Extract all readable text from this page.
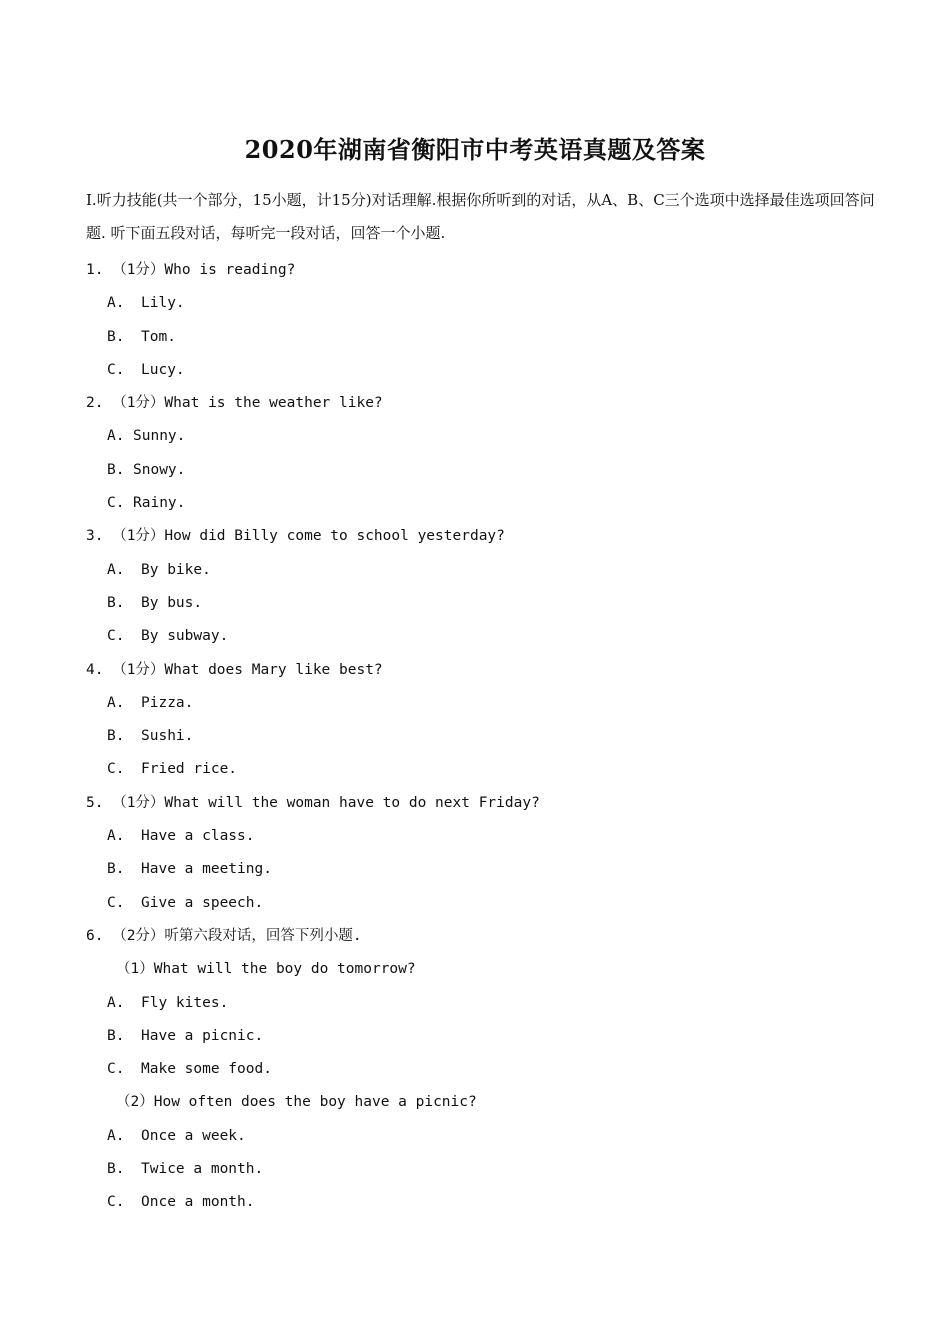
2020年湖南省衡阳市中考英语真题及答案
I.听力技能(共一个部分，15小题，计15分)对话理解.根据你所听到的对话，从A、B、C三个选项中选择最佳选项回答问题. 听下面五段对话，每听完一段对话，回答一个小题.
1. （1分）Who is reading?
A. Lily.
B. Tom.
C. Lucy.
2. （1分）What is the weather like?
A. Sunny.
B. Snowy.
C. Rainy.
3. （1分）How did Billy come to school yesterday?
A. By bike.
B. By bus.
C. By subway.
4. （1分）What does Mary like best?
A. Pizza.
B. Sushi.
C. Fried rice.
5. （1分）What will the woman have to do next Friday?
A. Have a class.
B. Have a meeting.
C. Give a speech.
6. （2分）听第六段对话，回答下列小题.
（1）What will the boy do tomorrow?
A. Fly kites.
B. Have a picnic.
C. Make some food.
（2）How often does the boy have a picnic?
A. Once a week.
B. Twice a month.
C. Once a month.
